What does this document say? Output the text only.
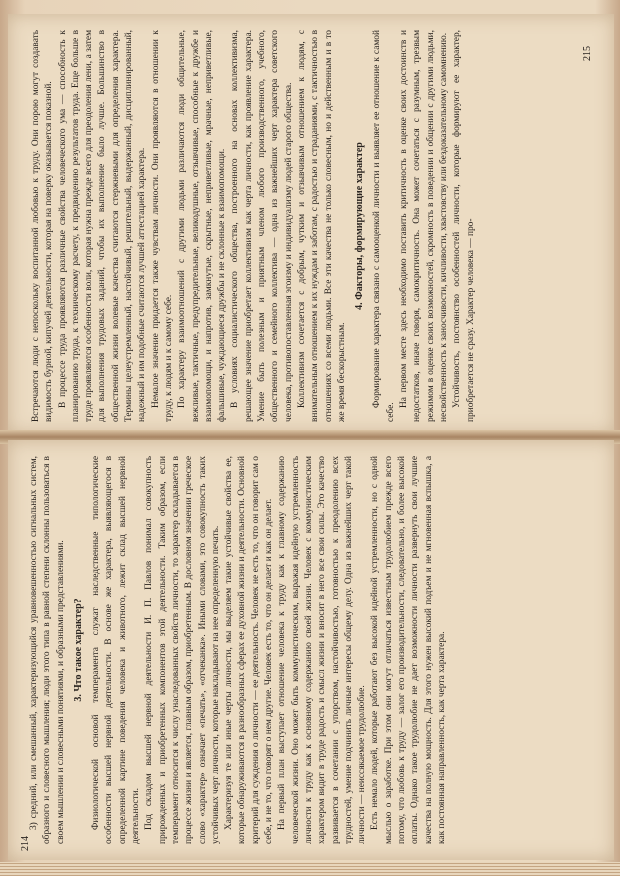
Встречаются люди с непоскольку воспитанной любовью к труду. Они порою могут создавать видимость бурной, кипучей деятельности, которая на поверку оказывается показной. В процессе труда проявляются различные свойства человеческого ума — способность к планированию труда, к техническому расчету, к предвидению результатов труда. Еще больше в труде проявляются особенности воли, которая нужна прежде всего для преодоления лени, а затем для выполнения трудовых заданий, чтобы их выполнение было лучше. Большинство в общественной жизни волевые качества считаются стержневыми для определения характера. Термины целеустремленный, настойчивый, решительный, выдержанный, дисциплинированный, надежный и им подобные считаются лучшей аттестацией характера. Немалое значение придается также чувствам личности. Они проявляются в отношении к труду, к людям и к самому себе. По характеру взаимоотношений с другими людьми различаются люди общительные, вежливые, тактичные, предупредительные, великодушные, отзывчивые, способные к дружбе и взаимопомощи, и напротив, замкнутые, скрытные, неприветливые, мрачные, неприветливые, фальшивые, чуждающиеся дружбы и не склонные к взаимопомощи. В условиях социалистического общества, построенного на основах коллективизма, решающее значение приобретает коллективизм как черта личности, как проявление характера. Умение быть полезным и приятным членом любого производственного, учебного, общественного и семейного коллектива — одна из важнейших черт характера советского человека, противопоставленная эгоизму и индивидуализму людей старого общества. Коллективизм сочетается с добрым, чутким и отзывчивым отношением к людям, с внимательным отношением к их нуждам и заботам, с радостью и страданиями, с тактичностью в отношениях со всеми людьми. Все эти качества не только словесным, но и действенным и в то же время бескорыстным.

4. Факторы, формирующие характер Формирование характера связано с самооценкой личности и выявляет ее отношение к самой себе.

На первом месте здесь необходимо поставить критичность в оценке своих достоинств и недостатков, иначе говоря, самокритичность. Она может сочетаться с разумным, трезвым режимом в оценке своих возможностей, скромность в поведении и общении с другими людьми, несвойственность к заносчивости, кичливости, хвастовству или бездоказательному самомнению. Устойчивость, постоянство особенностей личности, которые формируют ее характер, приобретается не сразу. Характер человека — про-

215

3) средний, или смешанный, характеризующийся уравновешенностью сигнальных систем, образного и словесного мышления; люди этого типа в равной степени склонны пользоваться в своем мышлении и словесными понятиями, и образными представлениями. 3. Что такое характер? Физиологической основой темперамента служат наследственные типологические особенности высшей нервной деятельности. В основе же характера, выявляющегося в определенной картине поведения человека и животного, лежит склад высшей нервной деятельности. Под складом высшей нервной деятельности И. П. Павлов понимал совокупность прирожденных и приобретенных компонентов этой деятельности. Таким образом, если темперамент относится к числу унаследованных свойств личности, то характер складывается в процессе жизни и является, главным образом, приобретенным. В дословном значении греческое слово «характер» означает «печать», «отчеканка». Иными словами, это совокупность таких устойчивых черт личности, которые накладывают на нее определенную печать. Характеризуя те или иные черты личности, мы выделяем такие устойчивые свойства ее, которые обнаруживаются в разнообразных сферах ее духовной жизни и деятельности. Основной критерий для суждения о личности — ее деятельность. Человек не есть то, что он говорит сам о себе, и не то, что говорят о нем другие. Человек есть то, что он делает и как он делает. На первый план выступает отношение человека к труду как к главному содержанию человеческой жизни. Оно может быть коммунистическим, выражая идейную устремленность личности к труду как к основному содержанию своей жизни. Человек с коммунистическим характером видит в труде радость и смысл жизни и вносит в него все свои силы. Это качество развивается в сочетании с упорством, настойчивостью, готовностью к преодолению всех трудностей, умение подчинить личные интересы общему делу. Одна из важнейших черт такой личности — неиссякаемое трудолюбие. Есть немало людей, которые работают без высокой идейной устремленности, но с одной мыслью о заработке. При этом они могут отличаться известным трудолюбием прежде всего потому, что любовь к труду — залог его производительности, следовательно, и более высокой оплаты. Однако такое трудолюбие не дает возможности личности развернуть свои лучшие качества на полную мощность. Для этого нужен высокий подъем и не мгновенная вспышка, а как постоянная направленность, как черта характера.

214
